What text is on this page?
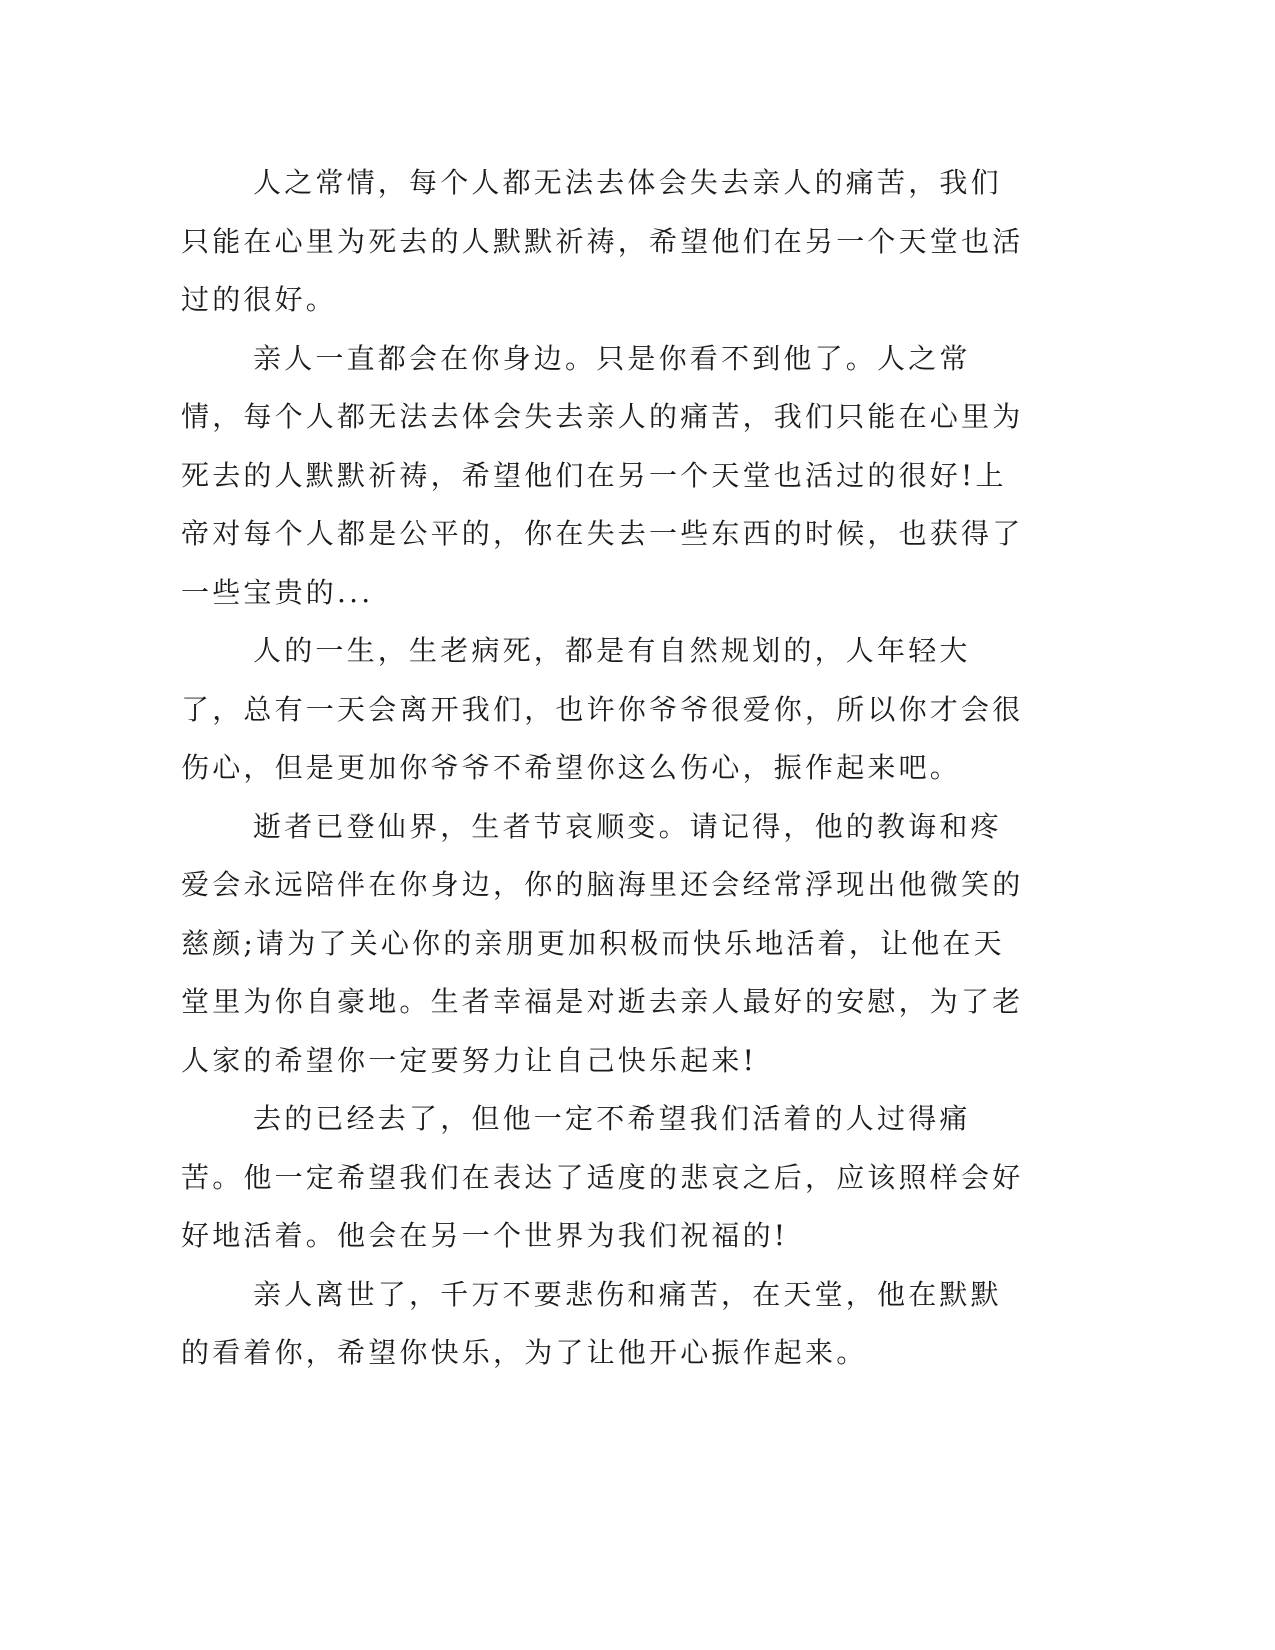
人之常情，每个人都无法去体会失去亲人的痛苦，我们只能在心里为死去的人默默祈祷，希望他们在另一个天堂也活过的很好。

亲人一直都会在你身边。只是你看不到他了。人之常情，每个人都无法去体会失去亲人的痛苦，我们只能在心里为死去的人默默祈祷，希望他们在另一个天堂也活过的很好!上帝对每个人都是公平的，你在失去一些东西的时候，也获得了一些宝贵的...

人的一生，生老病死，都是有自然规划的，人年轻大了，总有一天会离开我们，也许你爷爷很爱你，所以你才会很伤心，但是更加你爷爷不希望你这么伤心，振作起来吧。

逝者已登仙界，生者节哀顺变。请记得，他的教诲和疼爱会永远陪伴在你身边，你的脑海里还会经常浮现出他微笑的慈颜;请为了关心你的亲朋更加积极而快乐地活着，让他在天堂里为你自豪地。生者幸福是对逝去亲人最好的安慰，为了老人家的希望你一定要努力让自己快乐起来!

去的已经去了，但他一定不希望我们活着的人过得痛苦。他一定希望我们在表达了适度的悲哀之后，应该照样会好好地活着。他会在另一个世界为我们祝福的!

亲人离世了，千万不要悲伤和痛苦，在天堂，他在默默的看着你，希望你快乐，为了让他开心振作起来。
